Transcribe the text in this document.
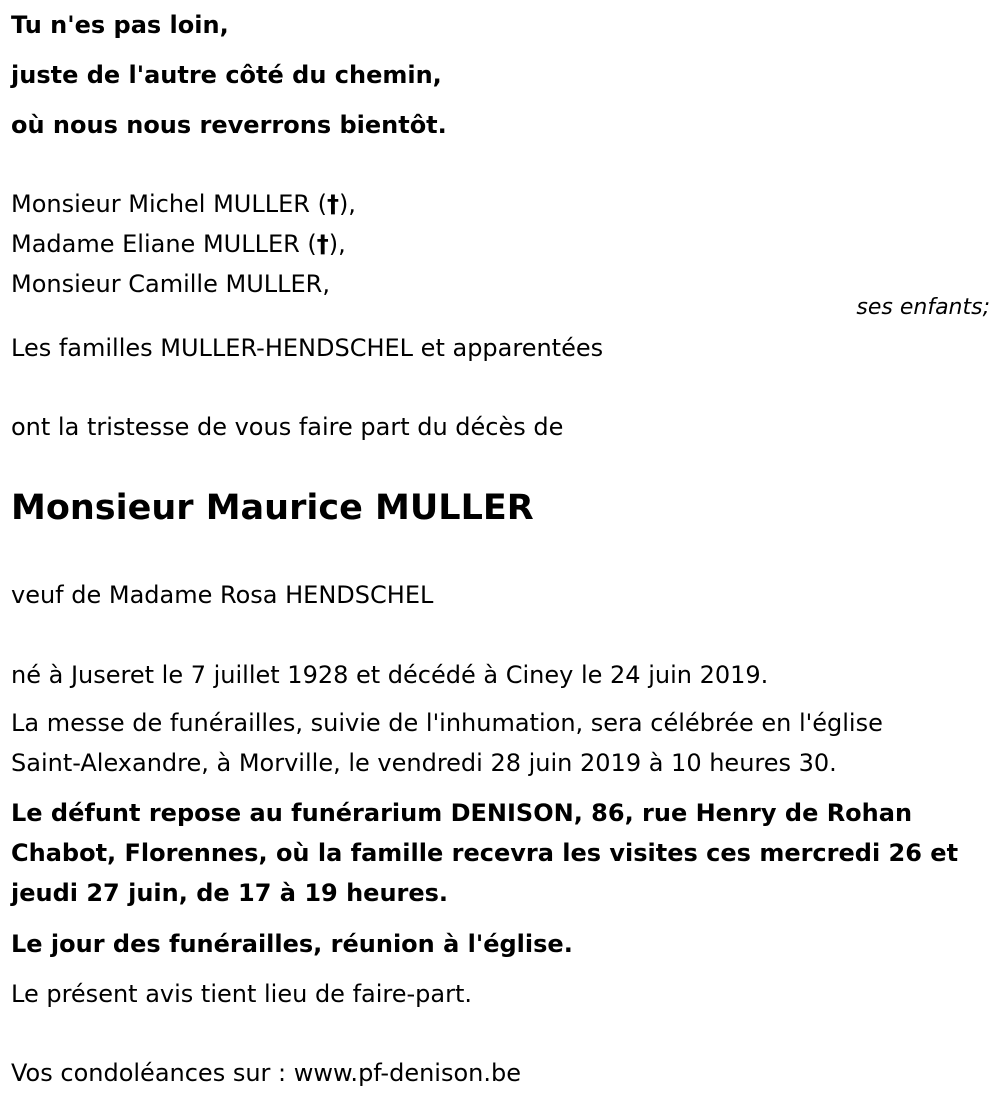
Tu n'es pas loin,
juste de l'autre côté du chemin,
où nous nous reverrons bientôt.
Monsieur Michel MULLER (†),
Madame Eliane MULLER (†),
Monsieur Camille MULLER,
ses enfants;
Les familles MULLER-HENDSCHEL et apparentées
ont la tristesse de vous faire part du décès de
Monsieur Maurice MULLER
veuf de Madame Rosa HENDSCHEL
né à Juseret le 7 juillet 1928 et décédé à Ciney le 24 juin 2019.
La messe de funérailles, suivie de l'inhumation, sera célébrée en l'église
Saint-Alexandre, à Morville, le vendredi 28 juin 2019 à 10 heures 30.
Le défunt repose au funérarium DENISON, 86, rue Henry de Rohan
Chabot, Florennes, où la famille recevra les visites ces mercredi 26 et
jeudi 27 juin, de 17 à 19 heures.
Le jour des funérailles, réunion à l'église.
Le présent avis tient lieu de faire-part.
Vos condoléances sur : www.pf-denison.be
